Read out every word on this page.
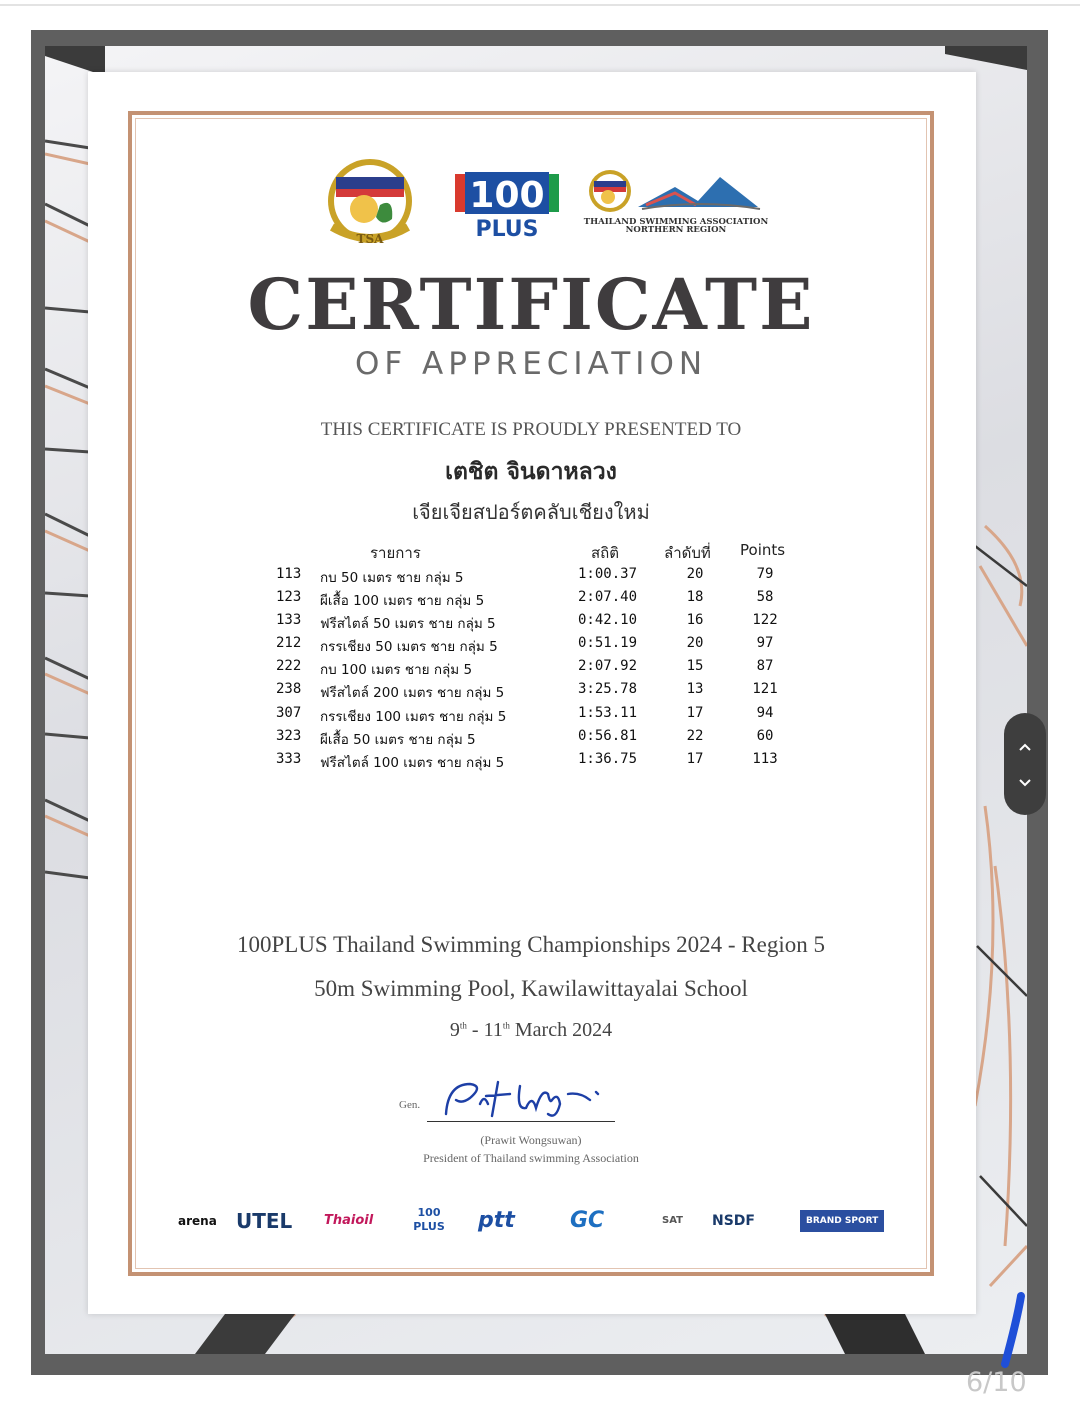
TSA
100
PLUS	THAILAND SWIMMING ASSOCIATION
NORTHERN REGION
CERTIFICATE
OF APPRECIATION
THIS CERTIFICATE IS PROUDLY PRESENTED TO
เตชิต จินดาหลวง
เจียเจียสปอร์ตคลับเชียงใหม่
รายการ	สถิติ	ลำดับที่ Points
113 กบ 50 เมตร ชาย กลุ่ม 5	1:00.37	20	79
123 ผีเสื้อ 100 เมตร ชาย กลุ่ม 5	2:07.40	18	58
133 ฟรีสไตล์ 50 เมตร ชาย กลุ่ม 5	0:42.10	16	122
212 กรรเชียง 50 เมตร ชาย กลุ่ม 5	0:51.19	20	97
222 กบ 100 เมตร ชาย กลุ่ม 5	2:07.92	15	87
238 ฟรีสไตล์ 200 เมตร ชาย กลุ่ม 5	3:25.78	13	121
307 กรรเชียง 100 เมตร ชาย กลุ่ม 5	1:53.11	17	94
323 ผีเสื้อ 50 เมตร ชาย กลุ่ม 5	0:56.81	22	60
333 ฟรีสไตล์ 100 เมตร ชาย กลุ่ม 5	1:36.75	17	113
100PLUS Thailand Swimming Championships 2024 - Region 5
50m Swimming Pool, Kawilawittayalai School
9th - 11th March 2024
Gen.
(Prawit Wongsuwan)
President of Thailand swimming Association
arena UTEL Thaioil
100 PLUS	ptt	GC	SAT NSDF	BRAND SPORT
6/10
